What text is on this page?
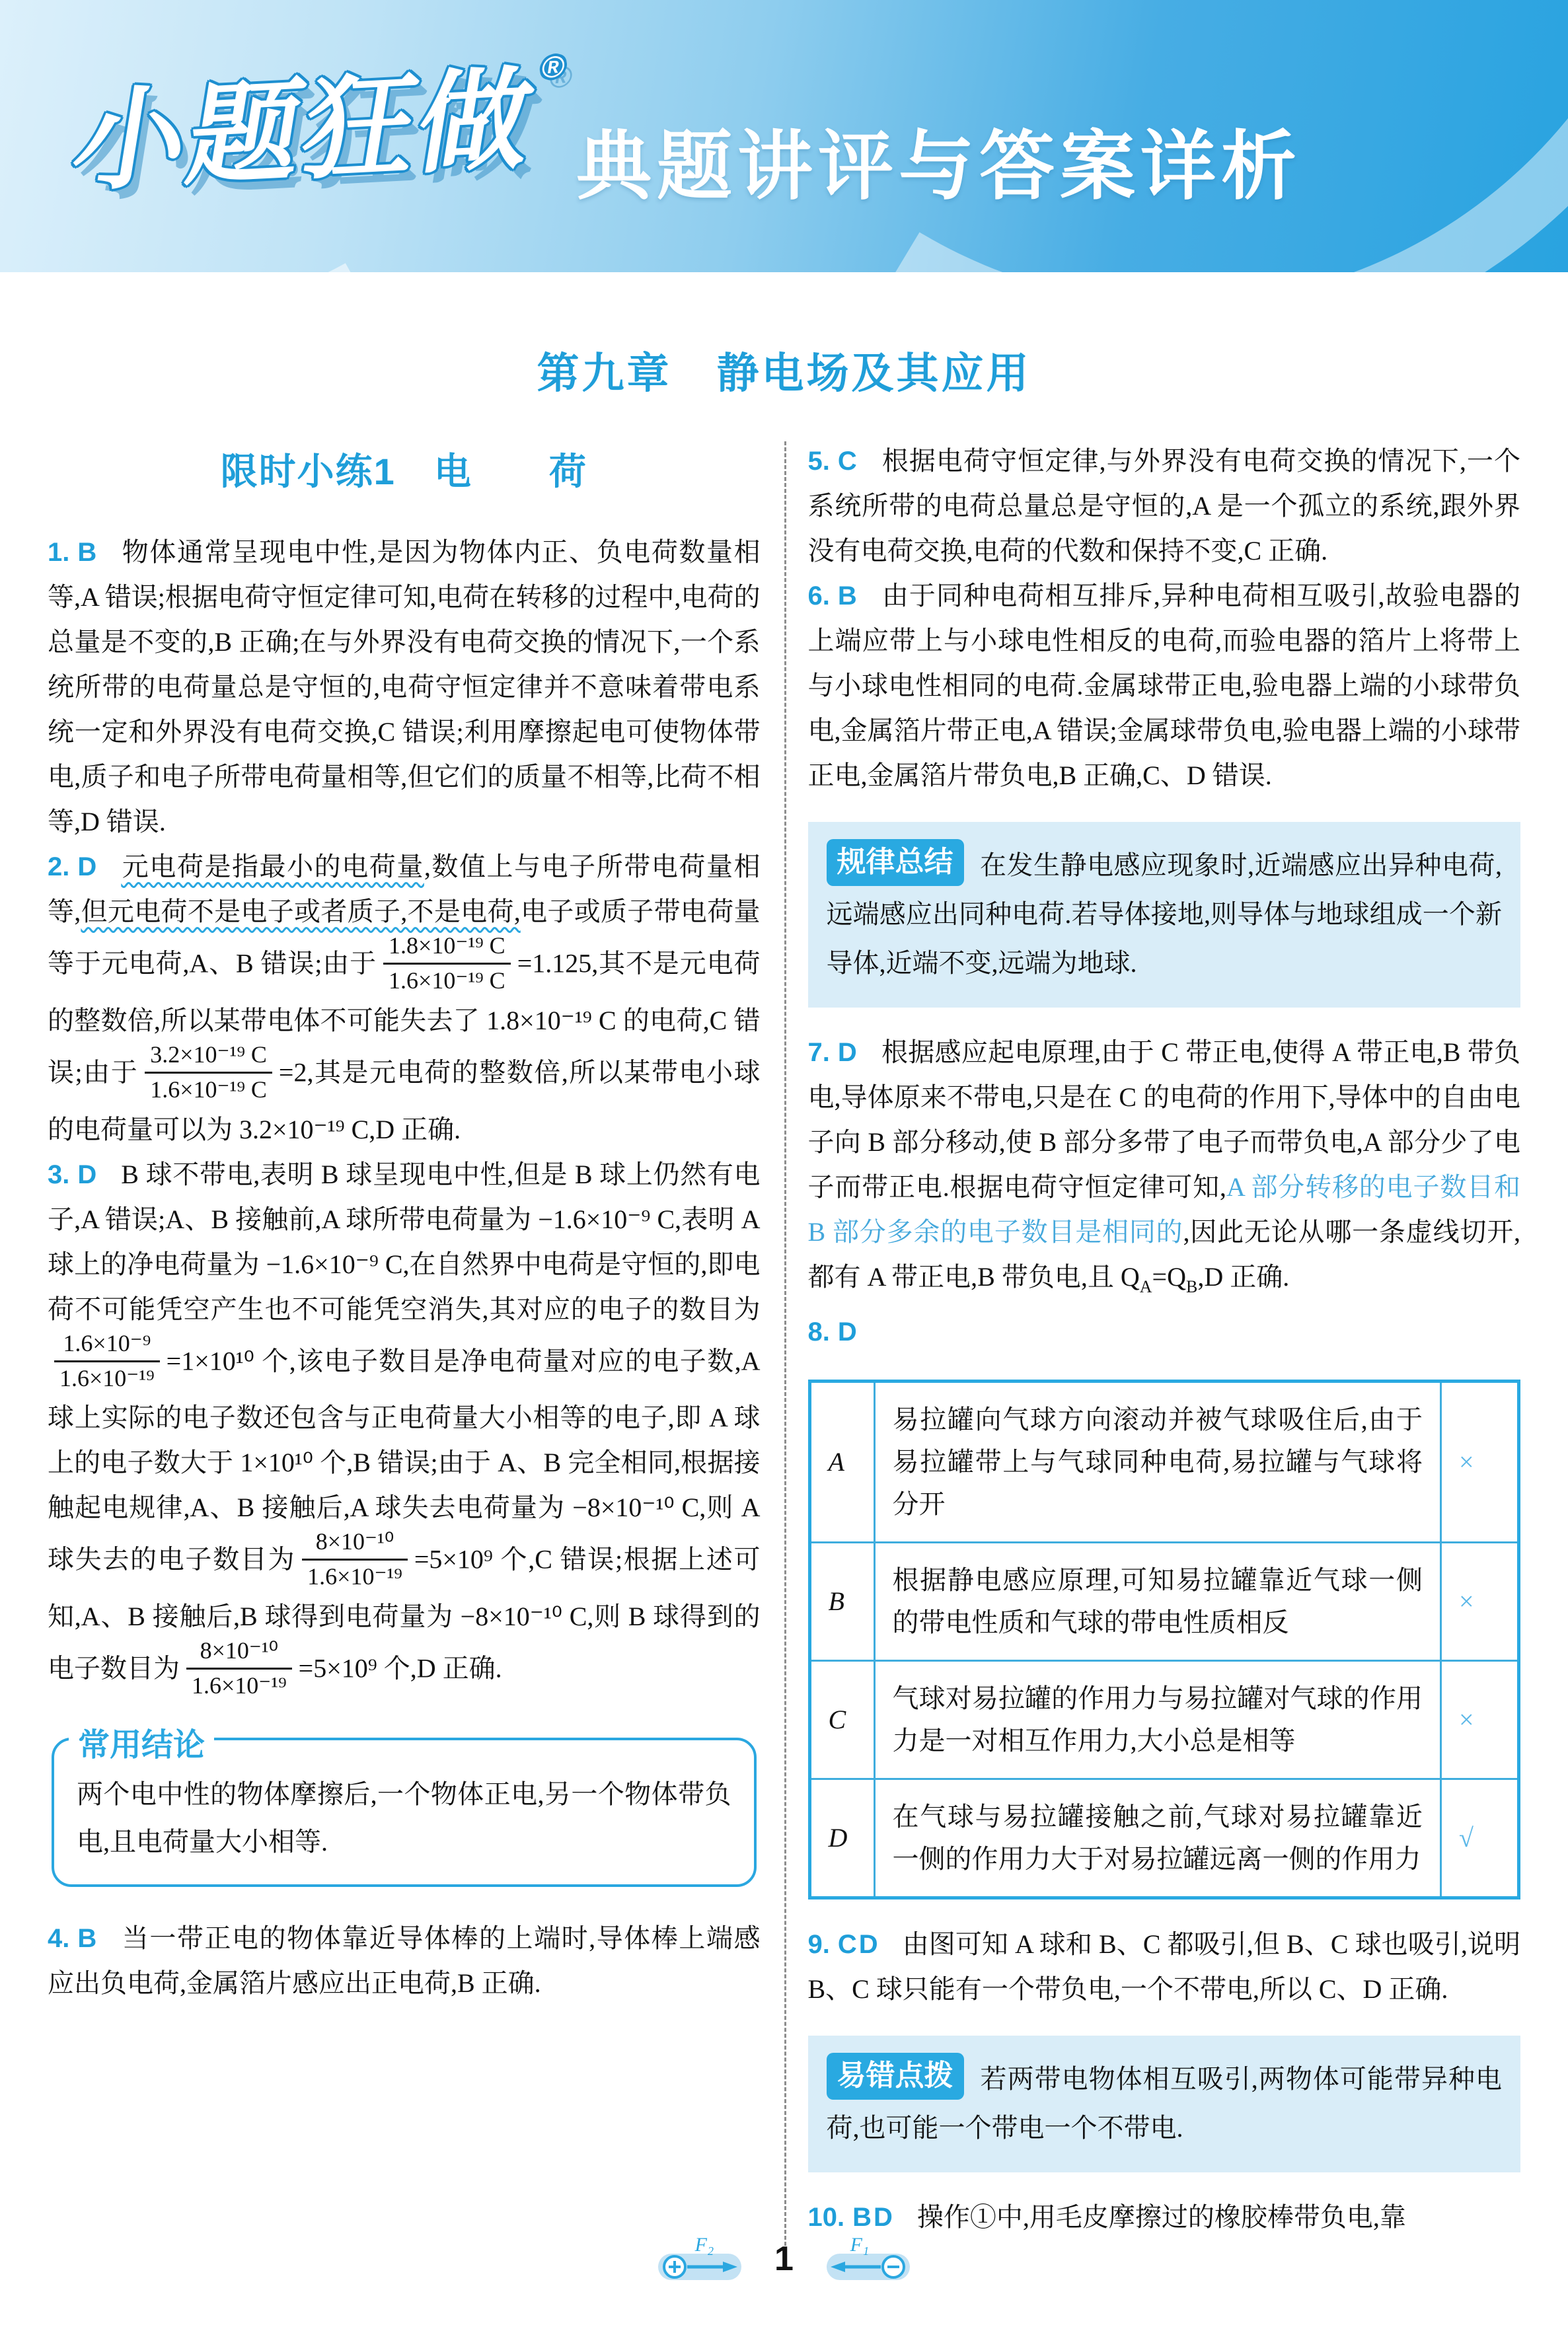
小题狂做®
典题讲评与答案详析
第九章　静电场及其应用
限时小练1　电　　荷

1. B 物体通常呈现电中性,是因为物体内正、负电荷数量相等,A 错误;根据电荷守恒定律可知,电荷在转移的过程中,电荷的总量是不变的,B 正确;在与外界没有电荷交换的情况下,一个系统所带的电荷量总是守恒的,电荷守恒定律并不意味着带电系统一定和外界没有电荷交换,C 错误;利用摩擦起电可使物体带电,质子和电子所带电荷量相等,但它们的质量不相等,比荷不相等,D 错误.

2. D 元电荷是指最小的电荷量,数值上与电子所带电荷量相等,但元电荷不是电子或者质子,不是电荷,电子或质子带电荷量等于元电荷,A、B 错误;由于 $\frac{\text{1.8×10⁻¹⁹ C}}{\text{1.6×10⁻¹⁹ C}} =1.125$,其不是元电荷的整数倍,所以某带电体不可能失去了 1.8×10⁻¹⁹ C 的电荷,C 错误;由于 $\frac{\text{3.2×10⁻¹⁹ C}}{\text{1.6×10⁻¹⁹ C}} =2$,其是元电荷的整数倍,所以某带电小球的电荷量可以为 3.2×10⁻¹⁹ C,D 正确.

3. D B 球不带电,表明 B 球呈现电中性,但是 B 球上仍然有电子,A 错误;A、B 接触前,A 球所带电荷量为 −1.6×10⁻⁹ C,表明 A 球上的净电荷量为 −1.6×10⁻⁹ C,在自然界中电荷是守恒的,即电荷不可能凭空产生也不可能凭空消失,其对应的电子的数目为
$\frac{\text{1.6×10⁻⁹}}{\text{1.6×10⁻¹⁹}} =1\times 10^{10}$ 个,该电子数目是净电荷量对应的电子数,A 球上实际的电子数还包含与正电荷量大小相等的电子,即 A 球上的电子数大于 1×10¹⁰ 个,B 错误;由于 A、B 完全相同,根据接触起电规律,A、B 接触后,A 球失去电荷量为 −8×10⁻¹⁰ C,则 A 球失去的电子数目为 $\frac{\text{8×10⁻¹⁰}}{\text{1.6×10⁻¹⁹}} =5\times 10^9$ 个,C 错误;根据上述可知,A、B 接触后,B 球得到电荷量为 −8×10⁻¹⁰ C,则 B 球得到的电子数目为 $\frac{\text{8×10⁻¹⁰}}{\text{1.6×10⁻¹⁹}} =5\times 10^9$ 个,D 正确.

常用结论

两个电中性的物体摩擦后,一个物体正电,另一个物体带负电,且电荷量大小相等.

4. B 当一带正电的物体靠近导体棒的上端时,导体棒上端感应出负电荷,金属箔片感应出正电荷,B 正确.

5. C 根据电荷守恒定律,与外界没有电荷交换的情况下,一个系统所带的电荷总量总是守恒的,A 是一个孤立的系统,跟外界没有电荷交换,电荷的代数和保持不变,C 正确.

6. B 由于同种电荷相互排斥,异种电荷相互吸引,故验电器的上端应带上与小球电性相反的电荷,而验电器的箔片上将带上与小球电性相同的电荷.金属球带正电,验电器上端的小球带负电,金属箔片带正电,A 错误;金属球带负电,验电器上端的小球带正电,金属箔片带负电,B 正确,C、D 错误.

规律总结 在发生静电感应现象时,近端感应出异种电荷,远端感应出同种电荷.若导体接地,则导体与地球组成一个新导体,近端不变,远端为地球.

7. D 根据感应起电原理,由于 C 带正电,使得 A 带正电,B 带负电,导体原来不带电,只是在 C 的电荷的作用下,导体中的自由电子向 B 部分移动,使 B 部分多带了电子而带负电,A 部分少了电子而带正电.根据电荷守恒定律可知,A 部分转移的电子数目和 B 部分多余的电子数目是相同的,因此无论从哪一条虚线切开,都有 A 带正电,B 带负电,且 $Q_A=Q_B,D$ 正确.

8. D

A	易拉罐向气球方向滚动并被气球吸住后,由于易拉罐带上与气球同种电荷,易拉罐与气球将分开	×
B	根据静电感应原理,可知易拉罐靠近气球一侧的带电性质和气球的带电性质相反	×
C	气球对易拉罐的作用力与易拉罐对气球的作用力是一对相互作用力,大小总是相等	×
D	在气球与易拉罐接触之前,气球对易拉罐靠近一侧的作用力大于对易拉罐远离一侧的作用力	√

9. CD 由图可知 A 球和 B、C 都吸引,但 B、C 球也吸引,说明 B、C 球只能有一个带负电,一个不带电,所以 C、D 正确.

易错点拨 若两带电物体相互吸引,两物体可能带异种电荷,也可能一个带电一个不带电.

10. BD 操作①中,用毛皮摩擦过的橡胶棒带负电,靠

F₂ 1	F₁
